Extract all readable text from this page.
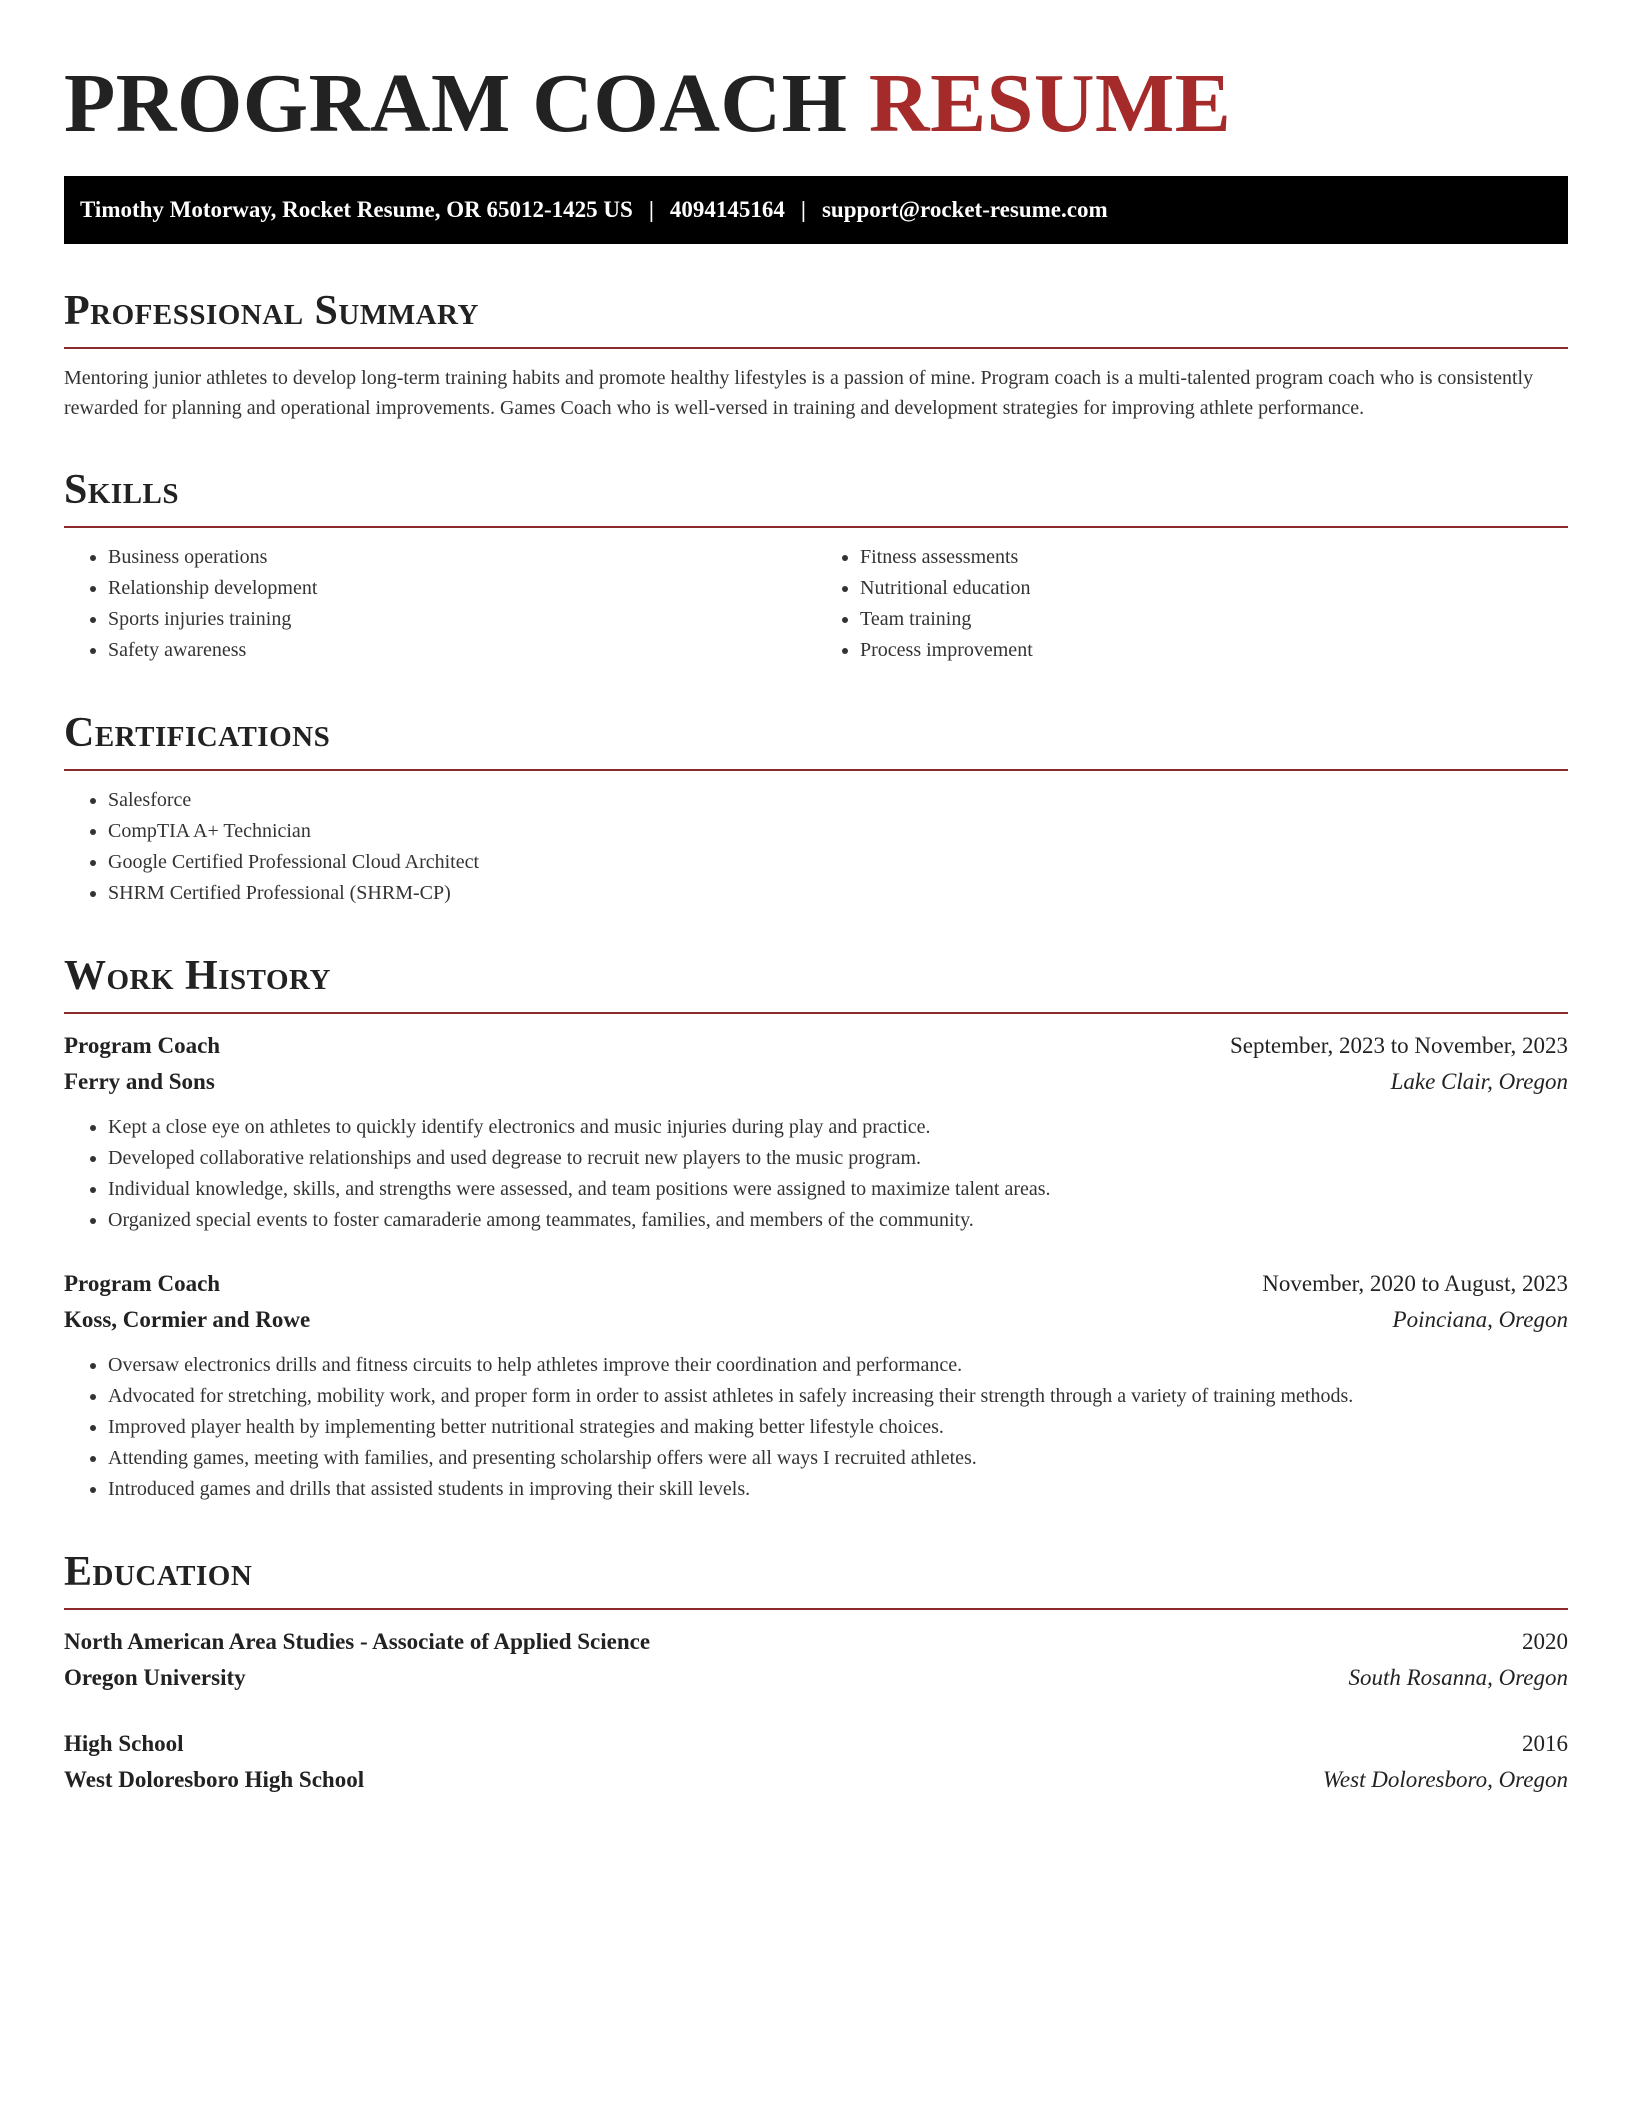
PROGRAM COACH RESUME
Timothy Motorway, Rocket Resume, OR 65012-1425 US | 4094145164 | support@rocket-resume.com
Professional Summary

Mentoring junior athletes to develop long-term training habits and promote healthy lifestyles is a passion of mine. Program coach is a multi-talented program coach who is consistently rewarded for planning and operational improvements. Games Coach who is well-versed in training and development strategies for improving athlete performance.

Skills
• Business operations
• Relationship development
• Sports injuries training
• Safety awareness
• Fitness assessments
• Nutritional education
• Team training
• Process improvement
Certifications
• Salesforce
• CompTIA A+ Technician
• Google Certified Professional Cloud Architect
• SHRM Certified Professional (SHRM-CP)
Work History
Program Coach	September, 2023 to November, 2023
Ferry and Sons	Lake Clair, Oregon
• Kept a close eye on athletes to quickly identify electronics and music injuries during play and practice.
• Developed collaborative relationships and used degrease to recruit new players to the music program.
• Individual knowledge, skills, and strengths were assessed, and team positions were assigned to maximize talent areas.
• Organized special events to foster camaraderie among teammates, families, and members of the community.
Program Coach	November, 2020 to August, 2023
Koss, Cormier and Rowe	Poinciana, Oregon
• Oversaw electronics drills and fitness circuits to help athletes improve their coordination and performance.
• Advocated for stretching, mobility work, and proper form in order to assist athletes in safely increasing their strength through a variety of training methods.
• Improved player health by implementing better nutritional strategies and making better lifestyle choices.
• Attending games, meeting with families, and presenting scholarship offers were all ways I recruited athletes.
• Introduced games and drills that assisted students in improving their skill levels.
Education
North American Area Studies - Associate of Applied Science	2020
Oregon University	South Rosanna, Oregon
High School	2016
West Doloresboro High School	West Doloresboro, Oregon
